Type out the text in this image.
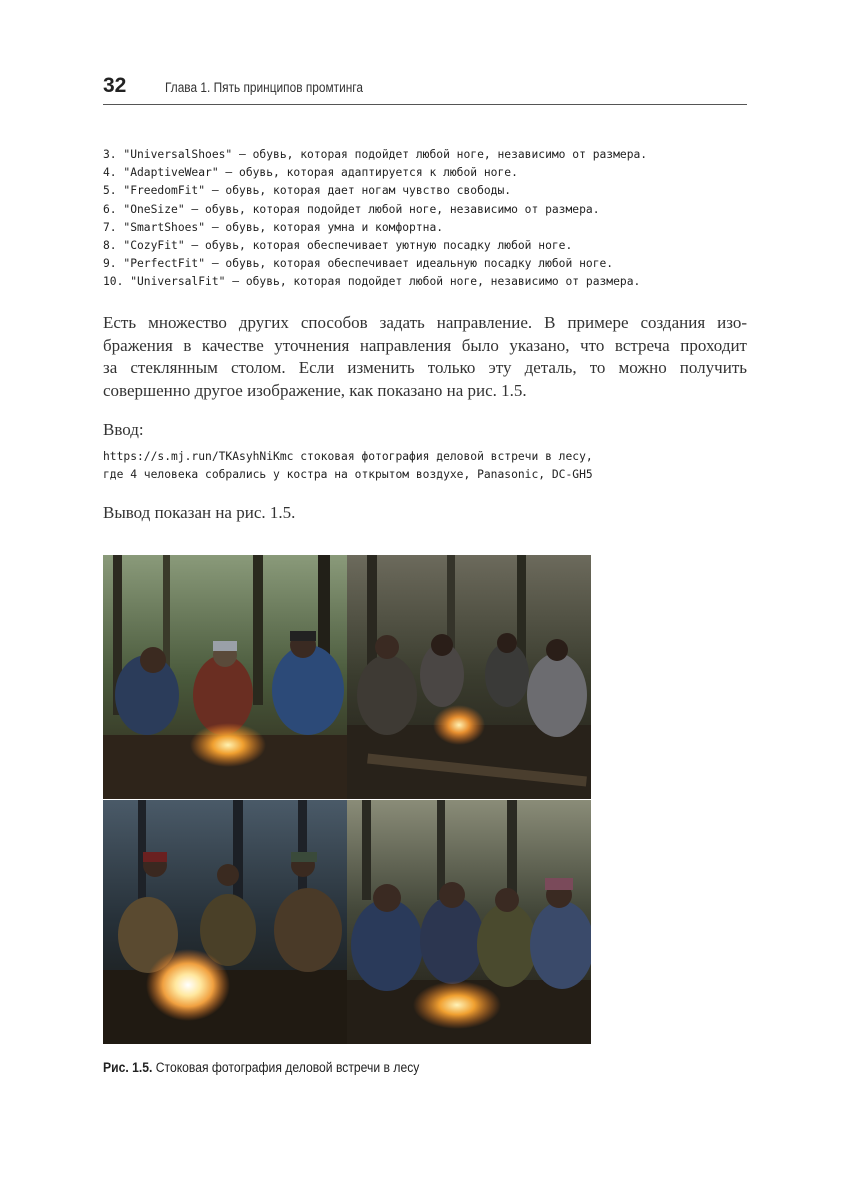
32	Глава 1. Пять принципов промтинга
3. "UniversalShoes" — обувь, которая подойдет любой ноге, независимо от размера.
4. "AdaptiveWear" — обувь, которая адаптируется к любой ноге.
5. "FreedomFit" — обувь, которая дает ногам чувство свободы.
6. "OneSize" — обувь, которая подойдет любой ноге, независимо от размера.
7. "SmartShoes" — обувь, которая умна и комфортна.
8. "CozyFit" — обувь, которая обеспечивает уютную посадку любой ноге.
9. "PerfectFit" — обувь, которая обеспечивает идеальную посадку любой ноге.
10. "UniversalFit" — обувь, которая подойдет любой ноге, независимо от размера.

Есть множество других способов задать направление. В примере создания изо-
бражения в качестве уточнения направления было указано, что встреча проходит
за стеклянным столом. Если изменить только эту деталь, то можно получить
совершенно другое изображение, как показано на рис. 1.5.

Ввод:

https://s.mj.run/TKAsyhNiKmc стоковая фотография деловой встречи в лесу,
где 4 человека собрались у костра на открытом воздухе, Panasonic, DC-GH5

Вывод показан на рис. 1.5.

Рис. 1.5. Стоковая фотография деловой встречи в лесу
